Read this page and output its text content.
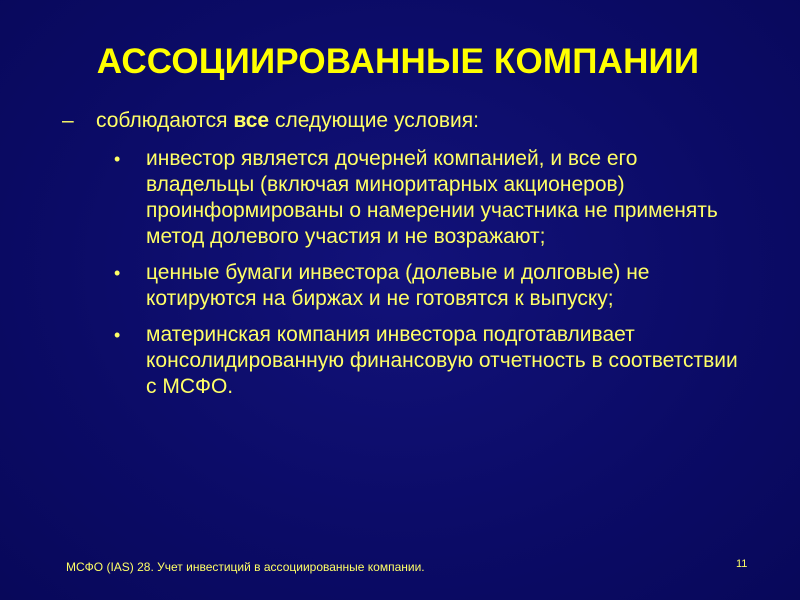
АССОЦИИРОВАННЫЕ КОМПАНИИ
–	соблюдаются все следующие условия:
•	инвестор является дочерней компанией, и все его владельцы (включая миноритарных акционеров) проинформированы о намерении участника не применять метод долевого участия и не возражают;
•	ценные бумаги инвестора (долевые и долговые) не котируются на биржах и не готовятся к выпуску;
•	материнская компания инвестора подготавливает консолидированную финансовую отчетность в соответствии с МСФО.
МСФО (IAS) 28. Учет инвестиций в ассоциированные компании.	11
